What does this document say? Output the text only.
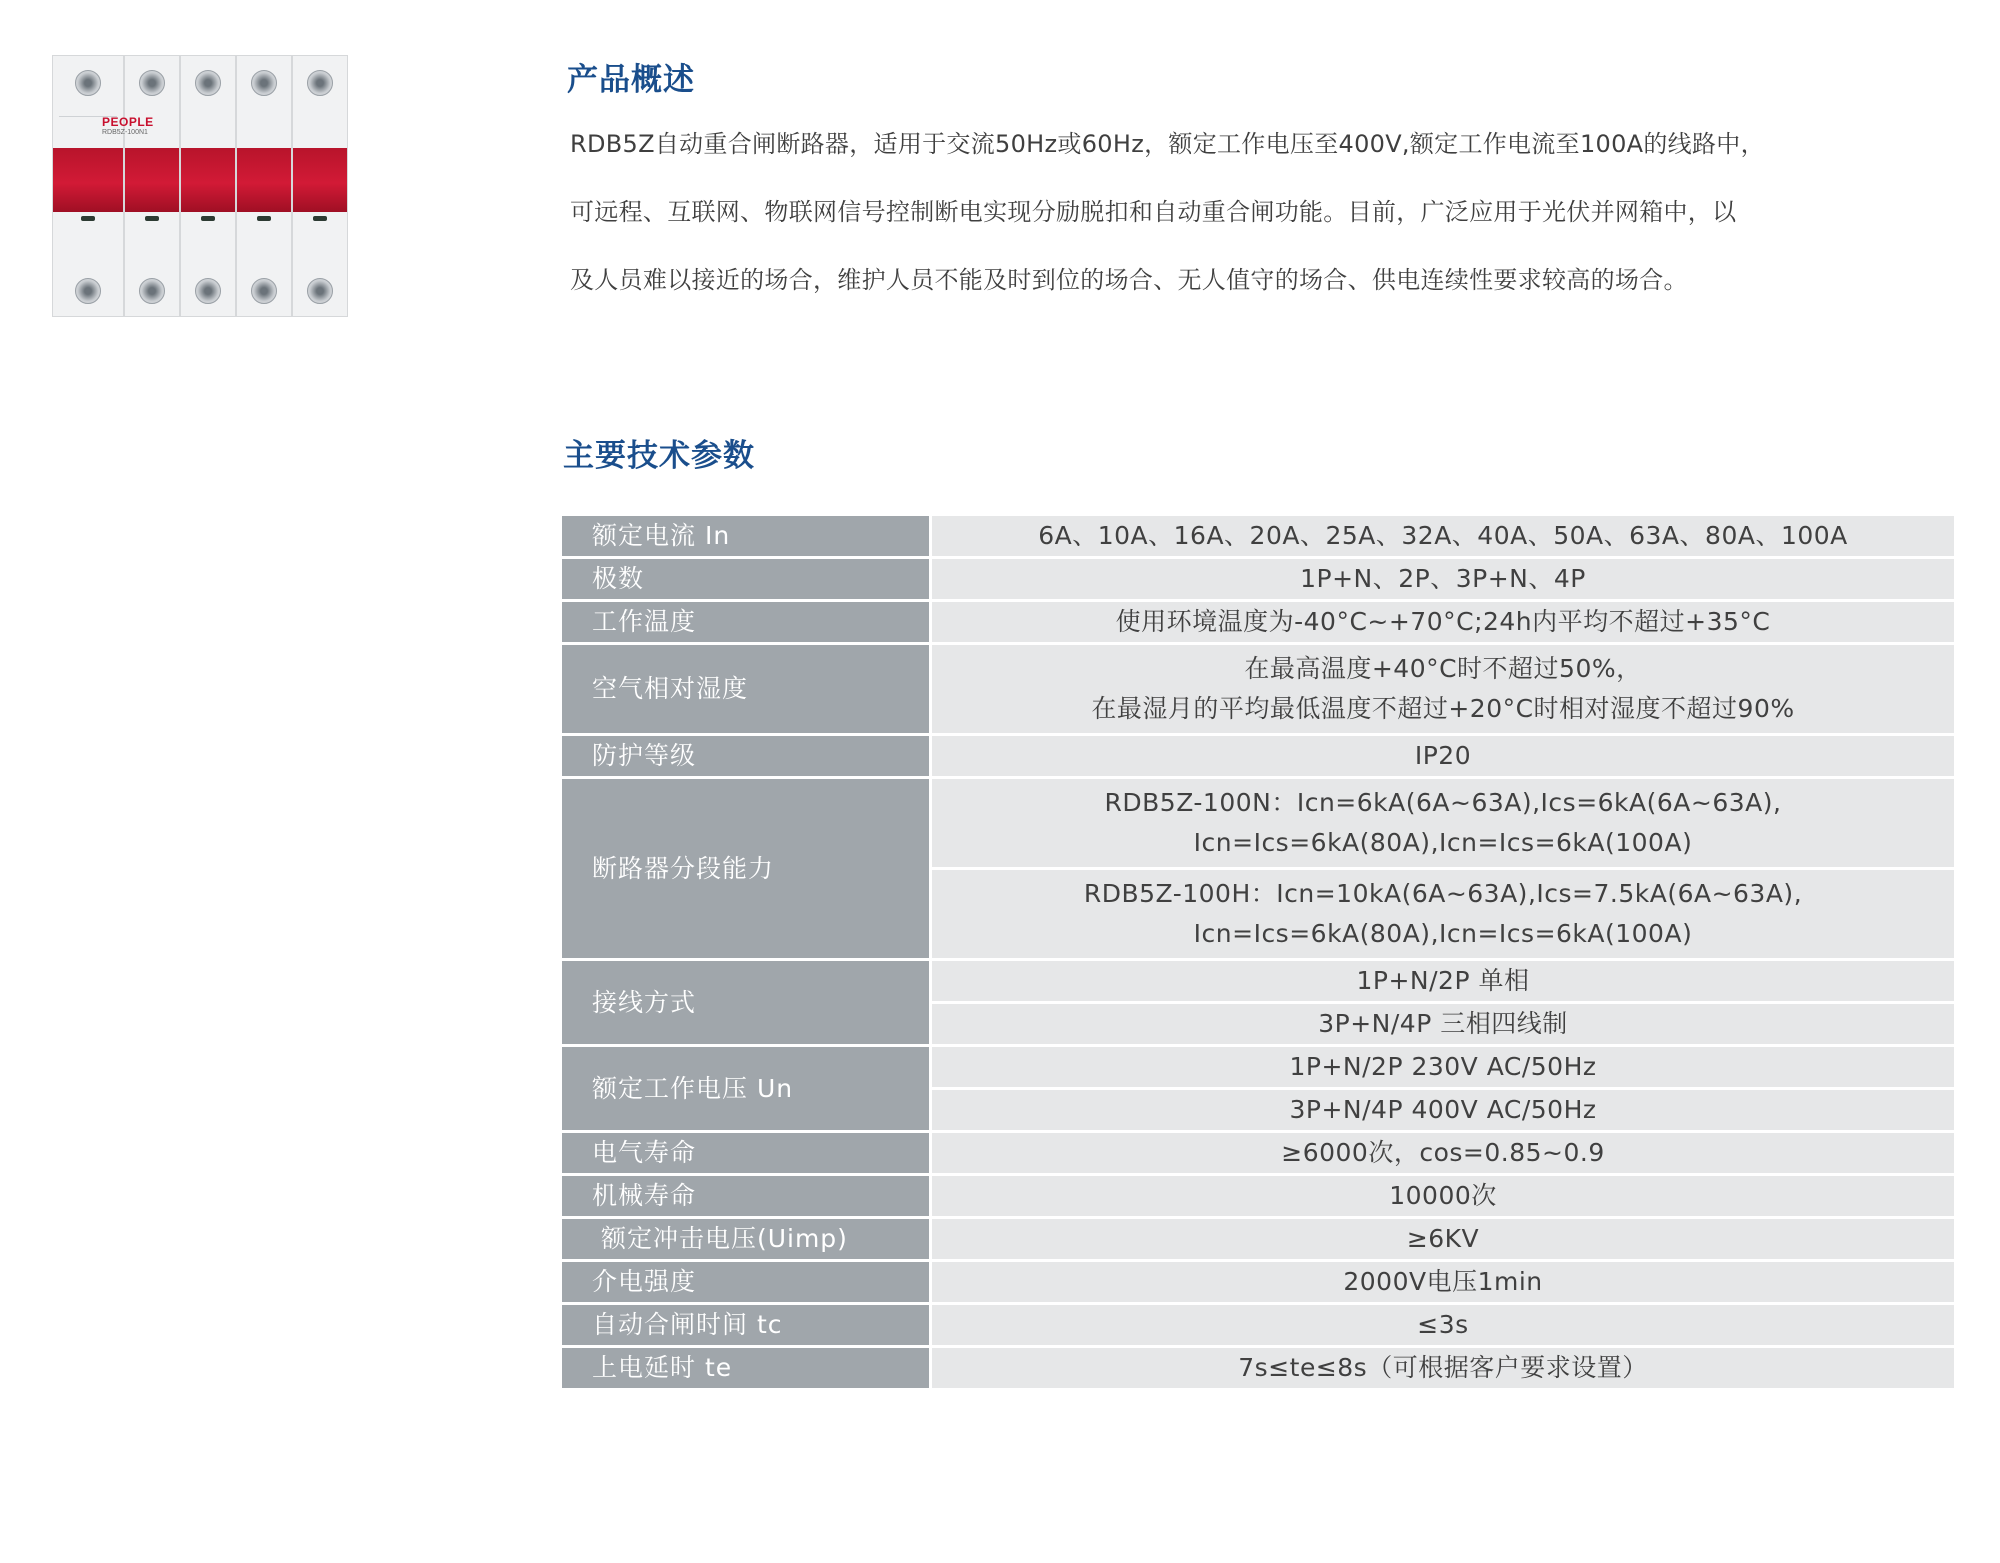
PEOPLE
RDB5Z-100N1
产品概述
RDB5Z自动重合闸断路器，适用于交流50Hz或60Hz，额定工作电压至400V,额定工作电流至100A的线路中，
可远程、互联网、物联网信号控制断电实现分励脱扣和自动重合闸功能。目前，广泛应用于光伏并网箱中，以
及人员难以接近的场合，维护人员不能及时到位的场合、无人值守的场合、供电连续性要求较高的场合。
主要技术参数
额定电流 In	6A、10A、16A、20A、25A、32A、40A、50A、63A、80A、100A
极数	1P+N、2P、3P+N、4P
工作温度	使用环境温度为-40°C~+70°C;24h内平均不超过+35°C
空气相对湿度	在最高温度+40°C时不超过50%，
在最湿月的平均最低温度不超过+20°C时相对湿度不超过90%

防护等级	IP20
断路器分段能力	RDB5Z-100N：Icn=6kA(6A~63A),Ics=6kA(6A~63A),
Icn=Ics=6kA(80A),Icn=Ics=6kA(100A)

	RDB5Z-100H：Icn=10kA(6A~63A),Ics=7.5kA(6A~63A),
Icn=Ics=6kA(80A),Icn=Ics=6kA(100A)

接线方式	1P+N/2P 单相
	3P+N/4P 三相四线制
额定工作电压 Un	1P+N/2P 230V AC/50Hz
	3P+N/4P 400V AC/50Hz
电气寿命	≥6000次，cos=0.85~0.9
机械寿命	10000次
额定冲击电压(Uimp)	≥6KV
介电强度	2000V电压1min
自动合闸时间 tc	≤3s
上电延时 te	7s≤te≤8s（可根据客户要求设置）
